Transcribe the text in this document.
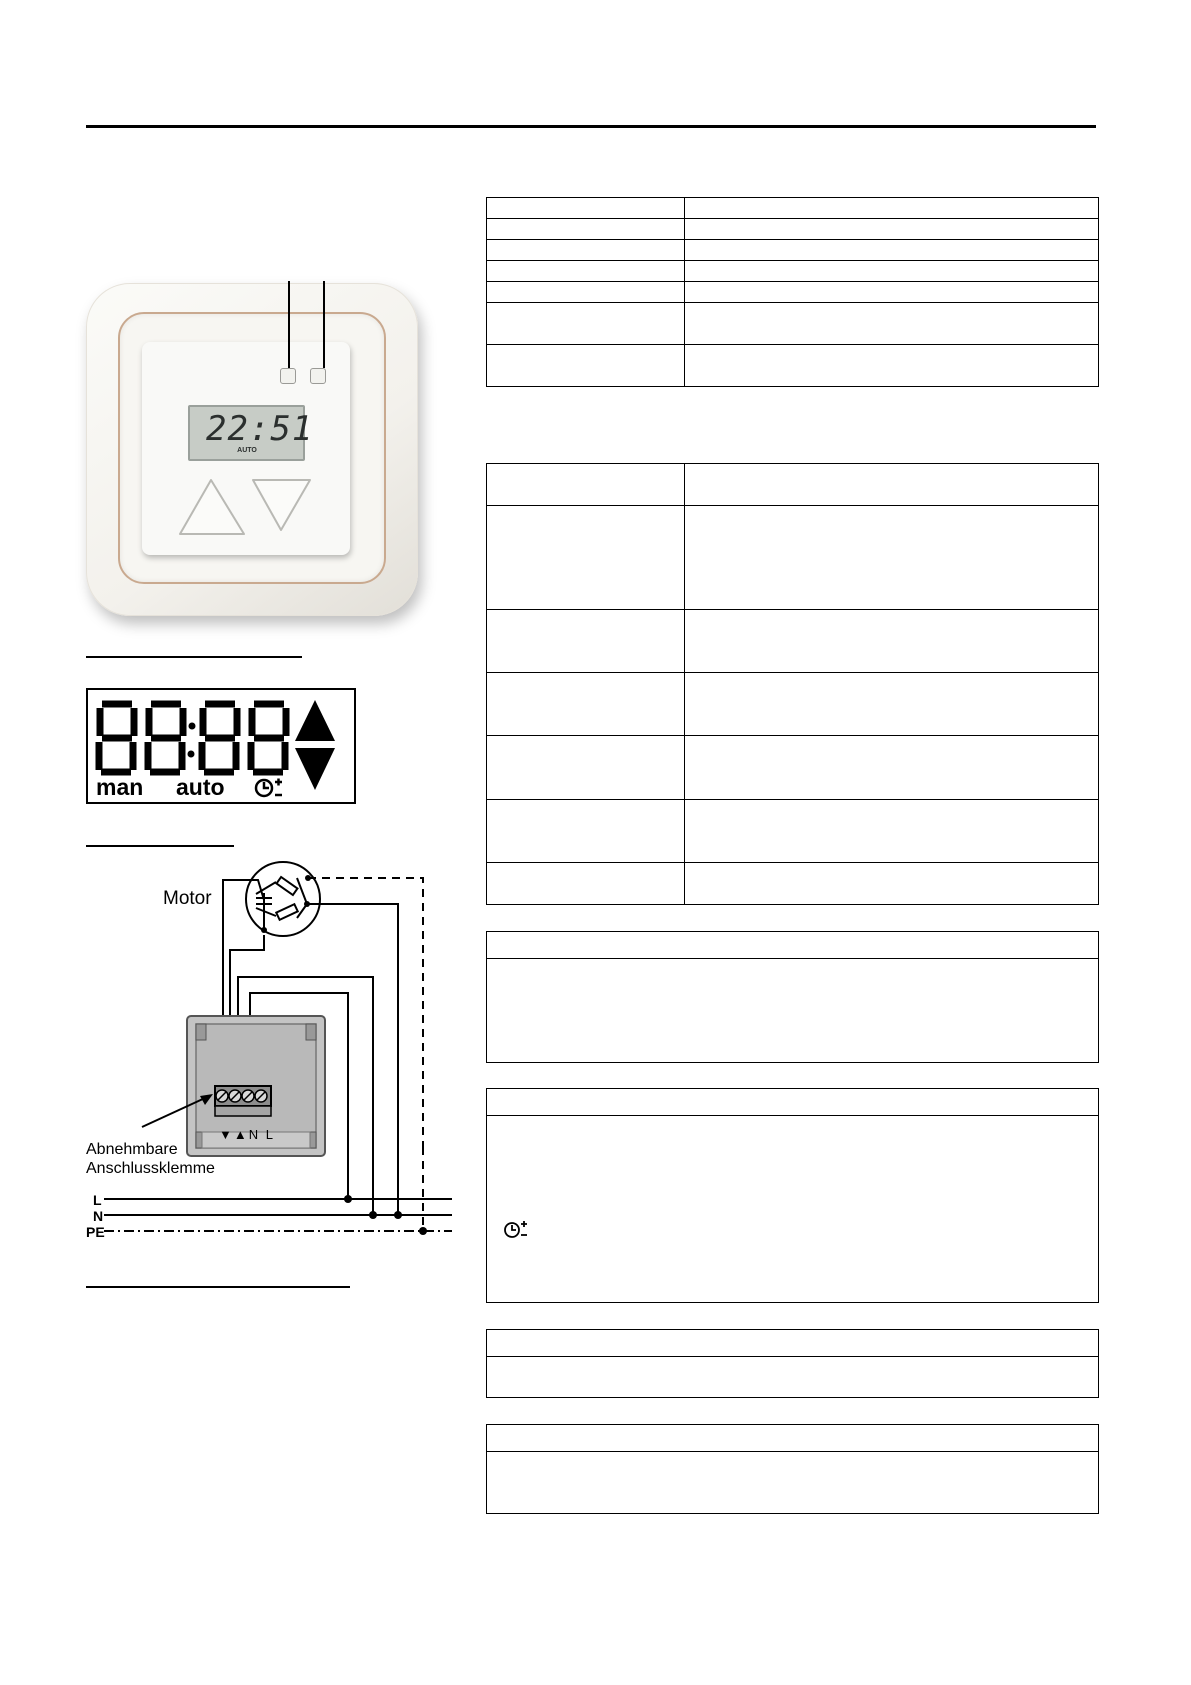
22:51
AUTO
man auto
Motor
▼▲N L
Abnehmbare
Anschlussklemme
L
N
PE
